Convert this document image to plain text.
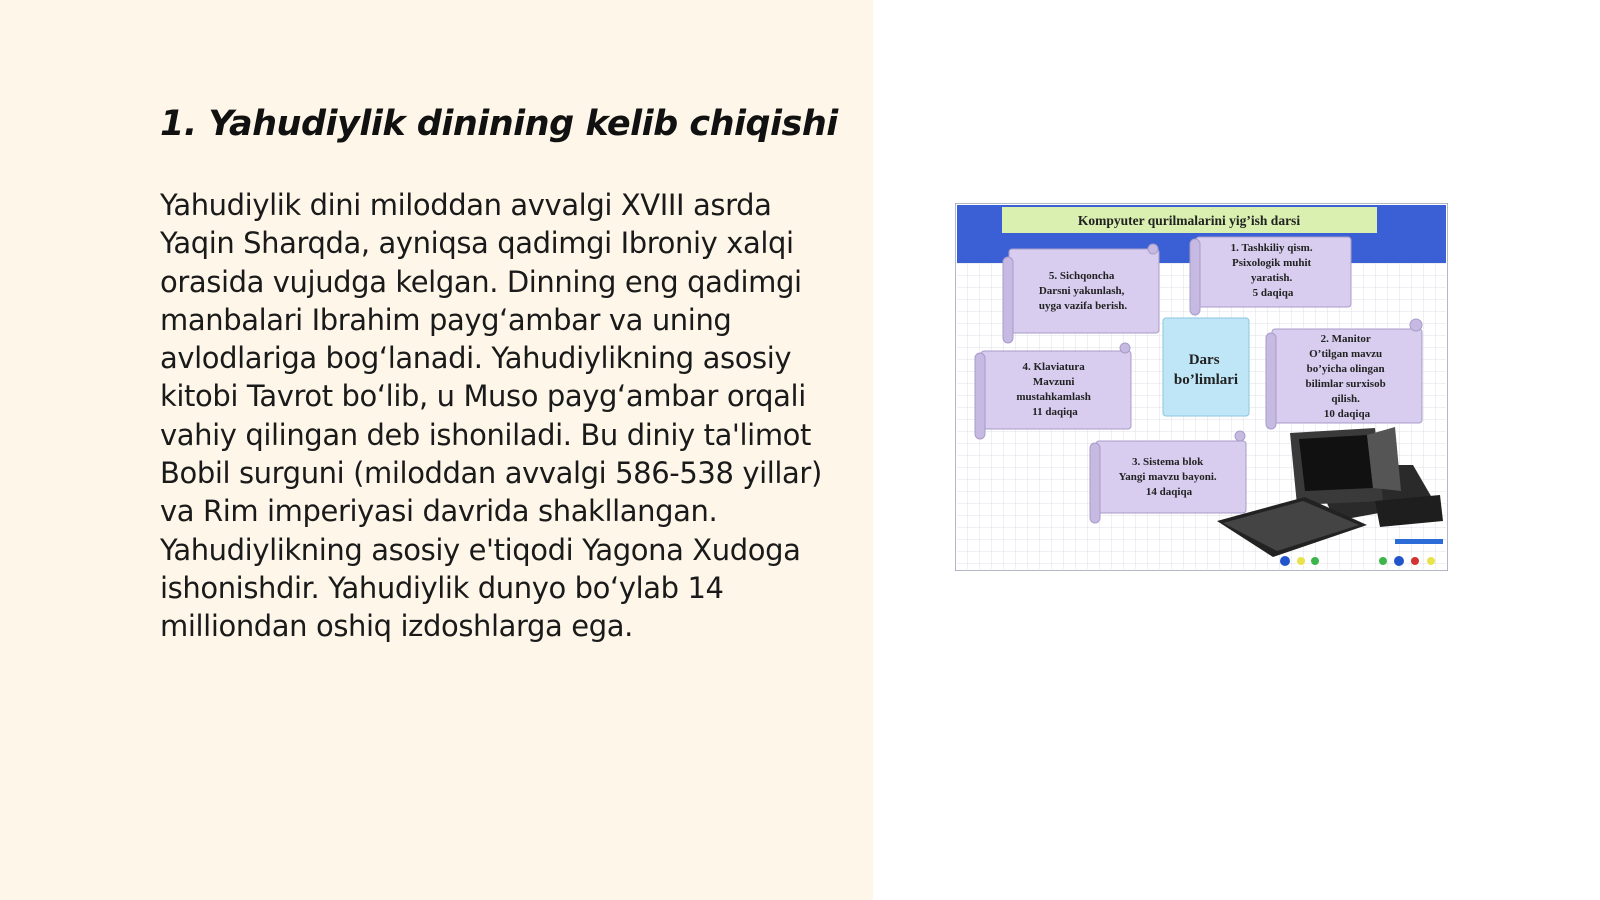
1. Yahudiylik dinining kelib chiqishi

Yahudiylik dini miloddan avvalgi XVIII asrda Yaqin Sharqda, ayniqsa qadimgi Ibroniy xalqi orasida vujudga kelgan. Dinning eng qadimgi manbalari Ibrahim payg‘ambar va uning avlodlariga bog‘lanadi. Yahudiylikning asosiy kitobi Tavrot bo‘lib, u Muso payg‘ambar orqali vahiy qilingan deb ishoniladi. Bu diniy ta'limot Bobil surguni (miloddan avvalgi 586-538 yillar) va Rim imperiyasi davrida shakllangan. Yahudiylikning asosiy e'tiqodi Yagona Xudoga ishonishdir. Yahudiylik dunyo bo‘ylab 14 milliondan oshiq izdoshlarga ega.

Kompyuter qurilmalarini yig’ish darsi
5. Sichqoncha Darsni yakunlash, uyga vazifa berish.
1. Tashkiliy qism. Psixologik muhit yaratish. 5 daqiqa
Dars bo’limlari
4. Klaviatura Mavzuni mustahkamlash 11 daqiqa
2. Manitor O’tilgan mavzu bo’yicha olingan bilimlar surxisob qilish. 10 daqiqa
3. Sistema blok Yangi mavzu bayoni. 14 daqiqa
